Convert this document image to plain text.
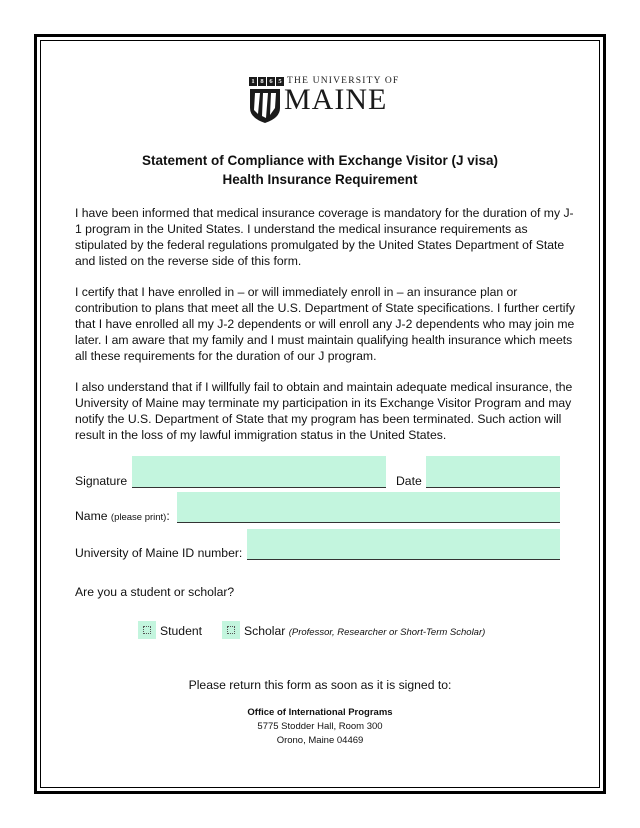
1 8 6 5 THE UNIVERSITY OF
MAINE
Statement of Compliance with Exchange Visitor (J visa)
Health Insurance Requirement

I have been informed that medical insurance coverage is mandatory for the duration of my J-1 program in the United States. I understand the medical insurance requirements as stipulated by the federal regulations promulgated by the United States Department of State and listed on the reverse side of this form.

I certify that I have enrolled in – or will immediately enroll in – an insurance plan or contribution to plans that meet all the U.S. Department of State specifications. I further certify that I have enrolled all my J-2 dependents or will enroll any J-2 dependents who may join me later. I am aware that my family and I must maintain qualifying health insurance which meets all these requirements for the duration of our J program.

I also understand that if I willfully fail to obtain and maintain adequate medical insurance, the University of Maine may terminate my participation in its Exchange Visitor Program and may notify the U.S. Department of State that my program has been terminated. Such action will result in the loss of my lawful immigration status in the United States.

Signature	Date
Name (please print):
University of Maine ID number:
Are you a student or scholar?
Student	Scholar (Professor, Researcher or Short-Term Scholar)
Please return this form as soon as it is signed to:
Office of International Programs
5775 Stodder Hall, Room 300
Orono, Maine 04469
